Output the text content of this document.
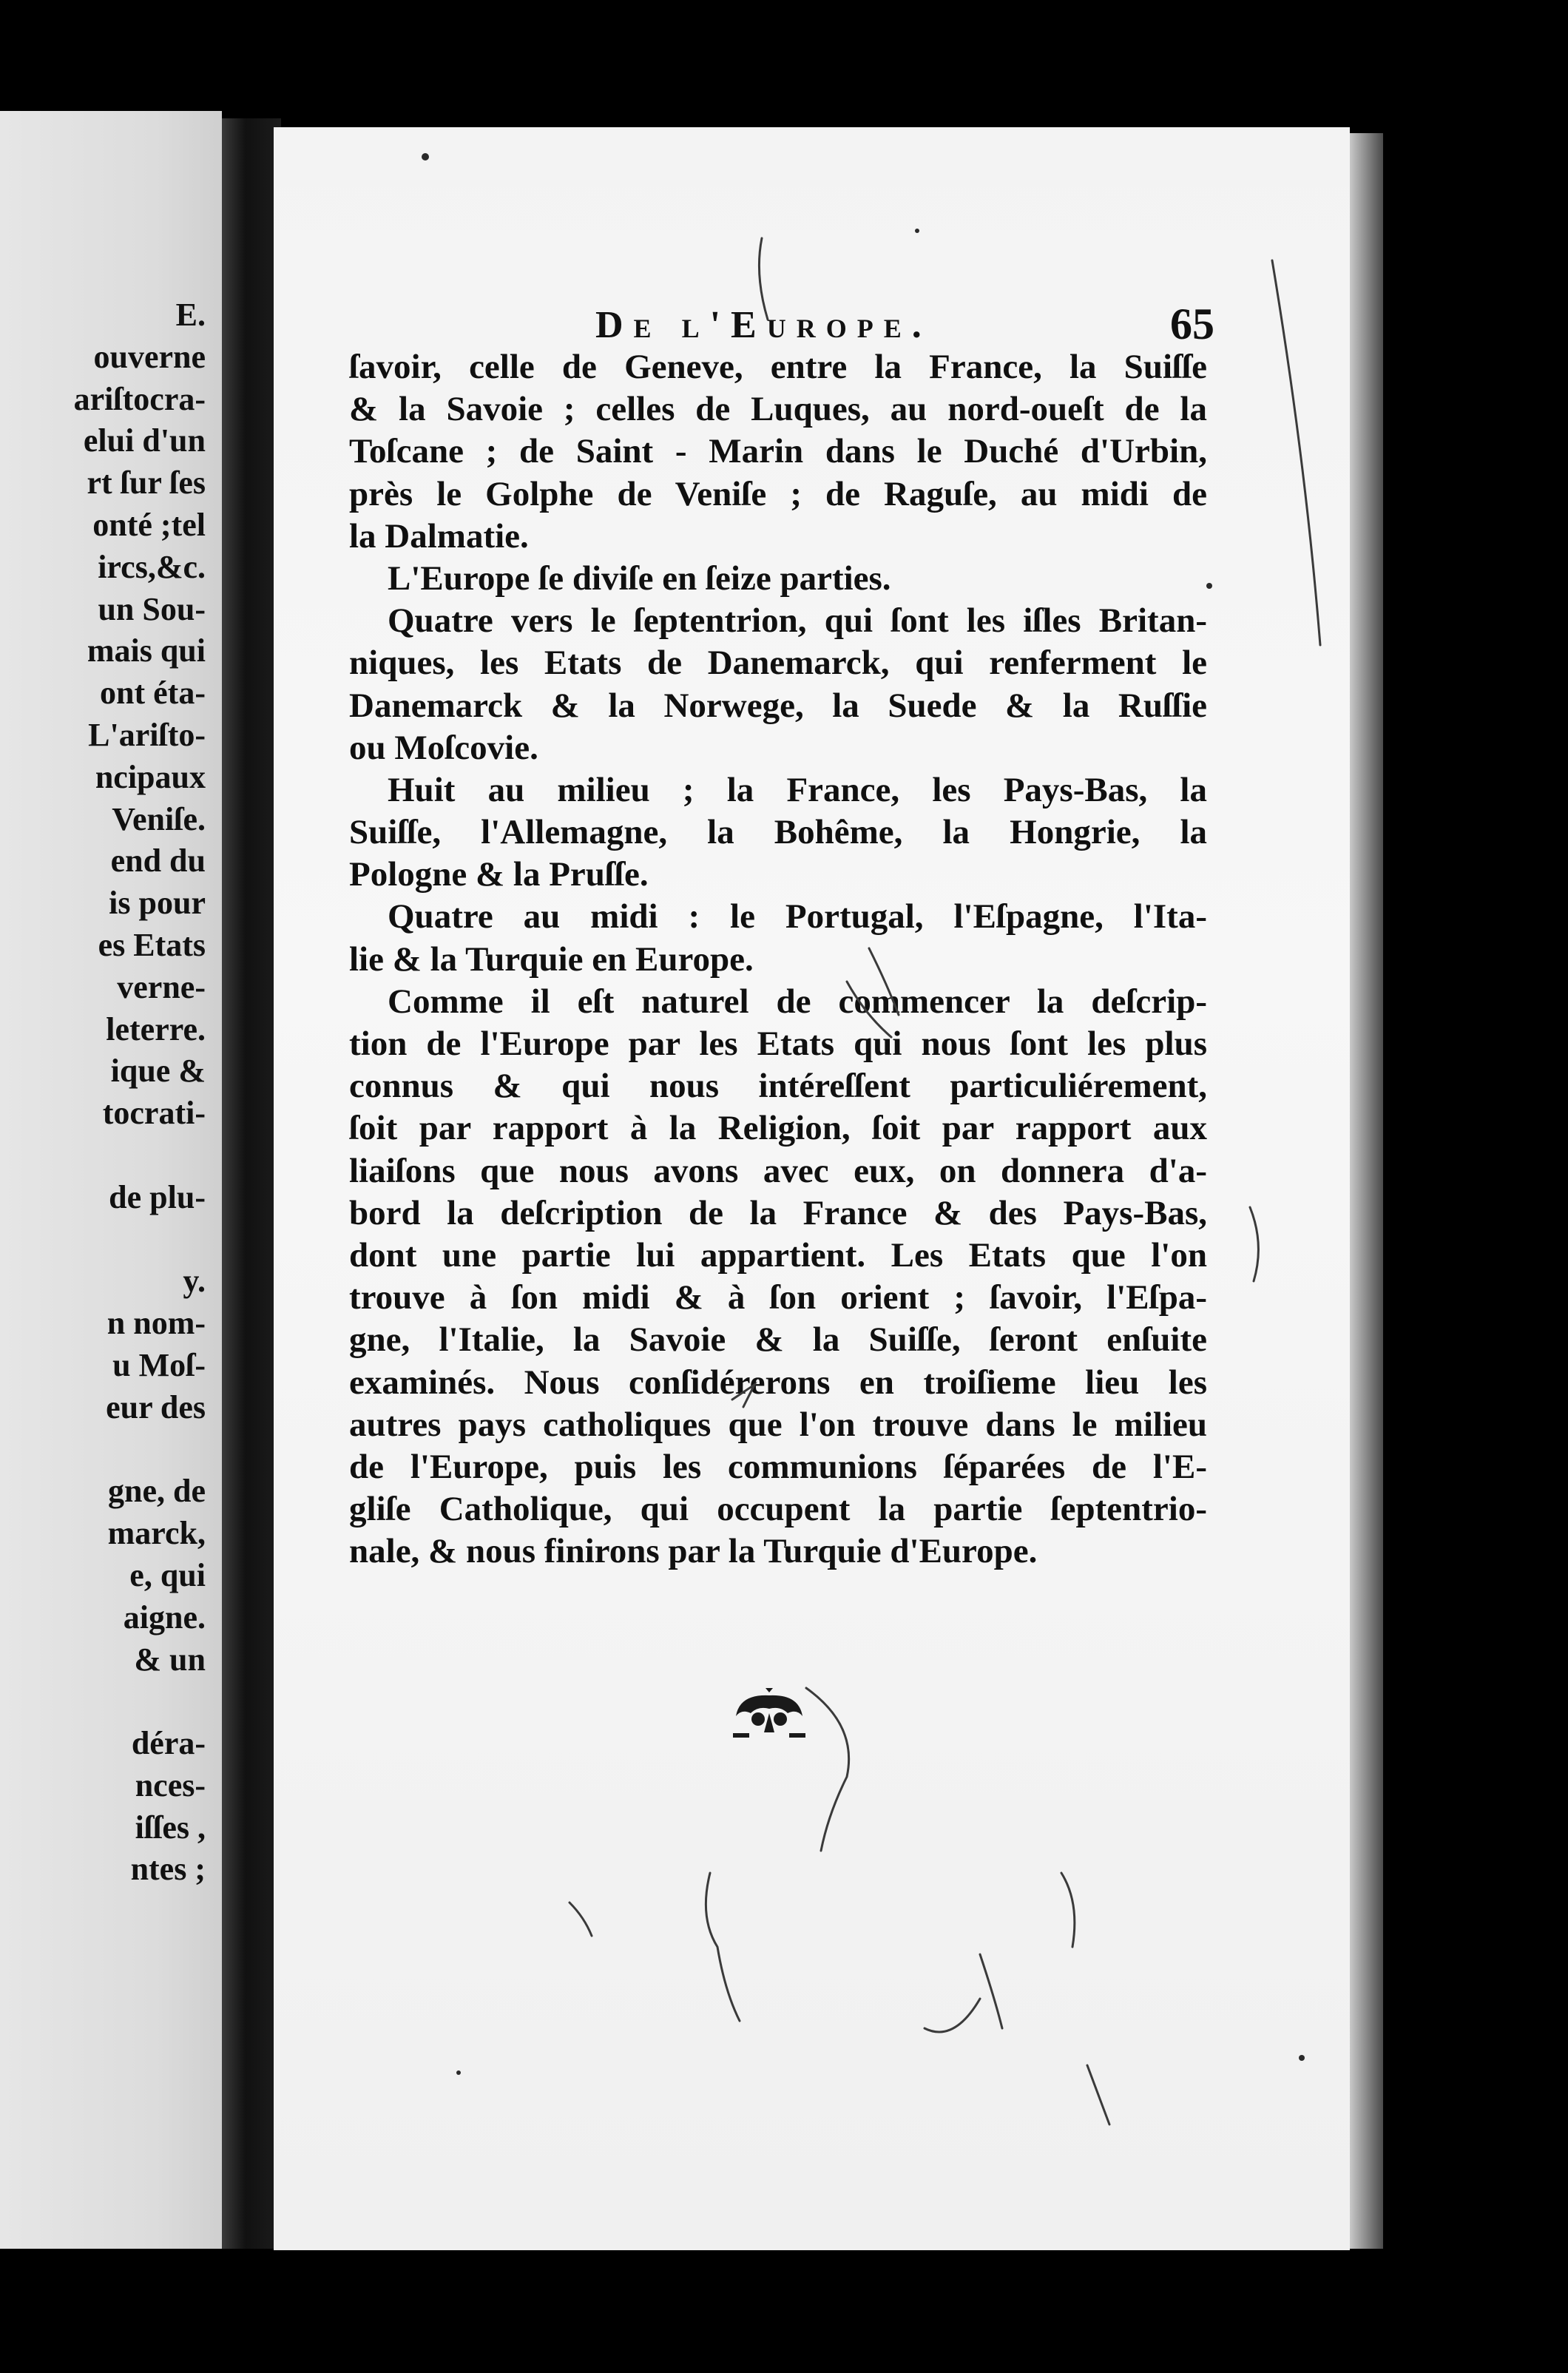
E.
ouverne
ariſtocra-
elui d'un
rt ſur ſes
onté ;tel
ircs,&c.
un Sou-
mais qui
ont éta-
L'ariſto-
ncipaux
Veniſe.
end du
is pour
es Etats
verne-
leterre.
ique &
tocrati-
de plu-
y.
n nom-
u Moſ-
eur des
gne, de
marck,
e, qui
aigne.
& un
déra-
nces-
iſſes ,
ntes ;
De l'Europe.	65
ſavoir, celle de Geneve, entre la France, la Suiſſe
& la Savoie ; celles de Luques, au nord-oueſt de la
Toſcane ; de Saint - Marin dans le Duché d'Urbin,
près le Golphe de Veniſe ; de Raguſe, au midi de
la Dalmatie.
L'Europe ſe diviſe en ſeize parties.
Quatre vers le ſeptentrion, qui ſont les iſles Britan-
niques, les Etats de Danemarck, qui renferment le
Danemarck & la Norwege, la Suede & la Ruſſie
ou Moſcovie.
Huit au milieu ; la France, les Pays-Bas, la
Suiſſe, l'Allemagne, la Bohême, la Hongrie, la
Pologne & la Pruſſe.
Quatre au midi : le Portugal, l'Eſpagne, l'Ita-
lie & la Turquie en Europe.
Comme il eſt naturel de commencer la deſcrip-
tion de l'Europe par les Etats qui nous ſont les plus
connus & qui nous intéreſſent particuliérement,
ſoit par rapport à la Religion, ſoit par rapport aux
liaiſons que nous avons avec eux, on donnera d'a-
bord la deſcription de la France & des Pays-Bas,
dont une partie lui appartient. Les Etats que l'on
trouve à ſon midi & à ſon orient ; ſavoir, l'Eſpa-
gne, l'Italie, la Savoie & la Suiſſe, ſeront enſuite
examinés. Nous conſidérerons en troiſieme lieu les
autres pays catholiques que l'on trouve dans le milieu
de l'Europe, puis les communions ſéparées de l'E-
gliſe Catholique, qui occupent la partie ſeptentrio-
nale, & nous finirons par la Turquie d'Europe.
